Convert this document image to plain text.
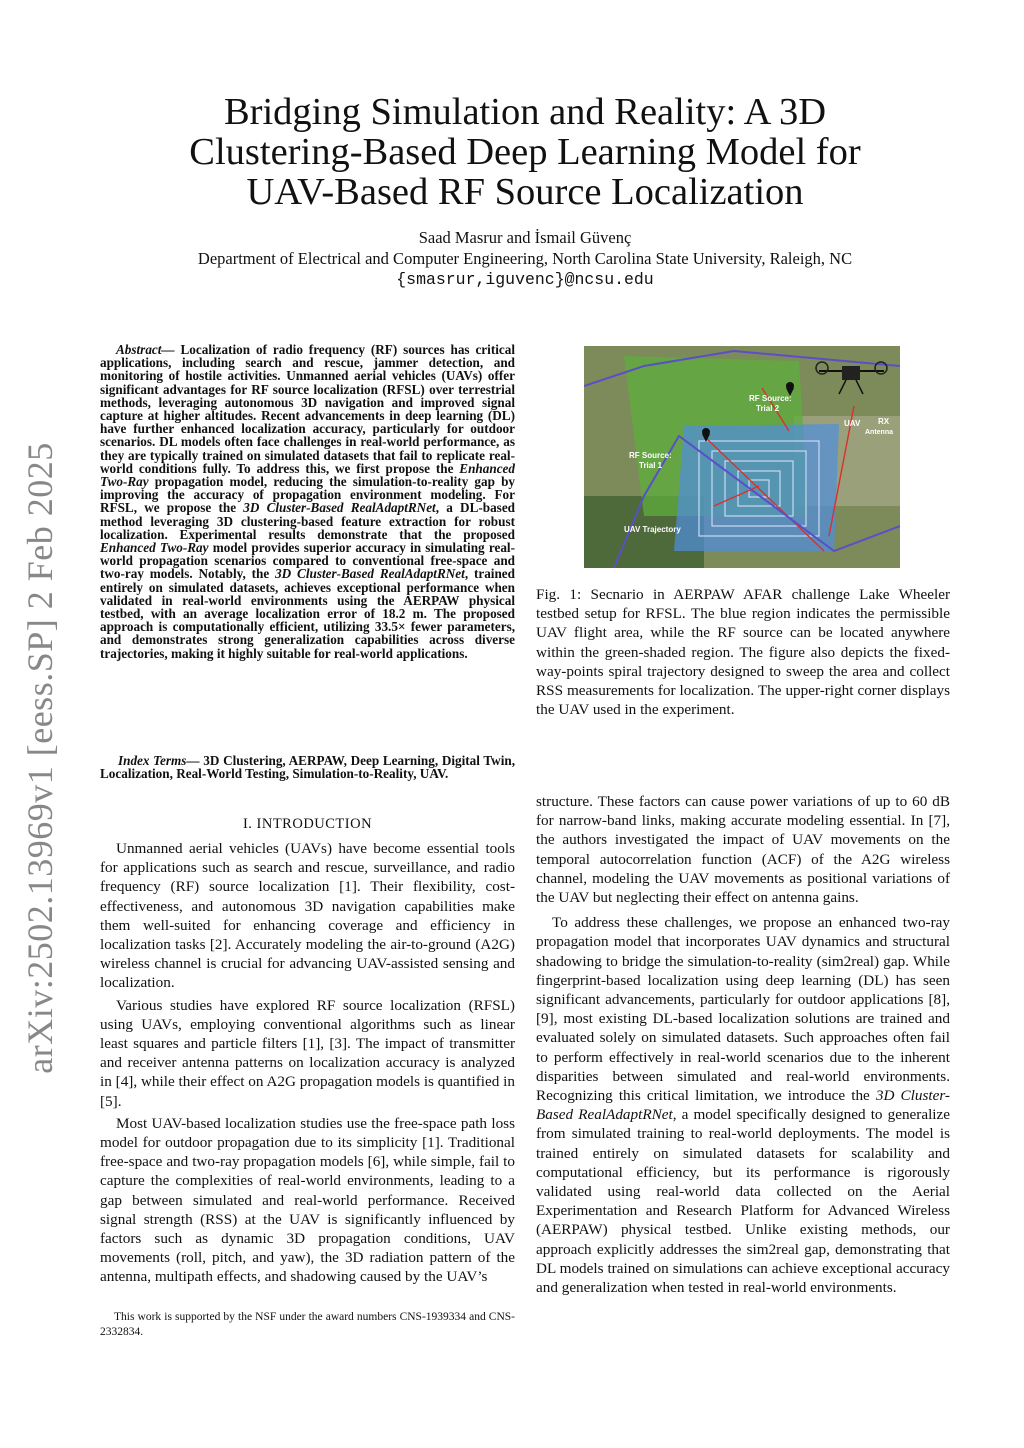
arXiv:2502.13969v1 [eess.SP] 2 Feb 2025
Bridging Simulation and Reality: A 3D
Clustering-Based Deep Learning Model for
UAV-Based RF Source Localization
Saad Masrur and İsmail Güvenç
Department of Electrical and Computer Engineering, North Carolina State University, Raleigh, NC
{smasrur,iguvenc}@ncsu.edu

Abstract— Localization of radio frequency (RF) sources has critical applications, including search and rescue, jammer detection, and monitoring of hostile activities. Unmanned aerial vehicles (UAVs) offer significant advantages for RF source localization (RFSL) over terrestrial methods, leveraging autonomous 3D navigation and improved signal capture at higher altitudes. Recent advancements in deep learning (DL) have further enhanced localization accuracy, particularly for outdoor scenarios. DL models often face challenges in real-world performance, as they are typically trained on simulated datasets that fail to replicate real-world conditions fully. To address this, we first propose the Enhanced Two-Ray propagation model, reducing the simulation-to-reality gap by improving the accuracy of propagation environment modeling. For RFSL, we propose the 3D Cluster-Based RealAdaptRNet, a DL-based method leveraging 3D clustering-based feature extraction for robust localization. Experimental results demonstrate that the proposed Enhanced Two-Ray model provides superior accuracy in simulating real-world propagation scenarios compared to conventional free-space and two-ray models. Notably, the 3D Cluster-Based RealAdaptRNet, trained entirely on simulated datasets, achieves exceptional performance when validated in real-world environments using the AERPAW physical testbed, with an average localization error of 18.2 m. The proposed approach is computationally efficient, utilizing 33.5× fewer parameters, and demonstrates strong generalization capabilities across diverse trajectories, making it highly suitable for real-world applications.

Index Terms— 3D Clustering, AERPAW, Deep Learning, Digital Twin, Localization, Real-World Testing, Simulation-to-Reality, UAV.
I. INTRODUCTION

Unmanned aerial vehicles (UAVs) have become essential tools for applications such as search and rescue, surveillance, and radio frequency (RF) source localization [1]. Their flexibility, cost-effectiveness, and autonomous 3D navigation capabilities make them well-suited for enhancing coverage and efficiency in localization tasks [2]. Accurately modeling the air-to-ground (A2G) wireless channel is crucial for advancing UAV-assisted sensing and localization.

Various studies have explored RF source localization (RFSL) using UAVs, employing conventional algorithms such as linear least squares and particle filters [1], [3]. The impact of transmitter and receiver antenna patterns on localization accuracy is analyzed in [4], while their effect on A2G propagation models is quantified in [5].

Most UAV-based localization studies use the free-space path loss model for outdoor propagation due to its simplicity [1]. Traditional free-space and two-ray propagation models [6], while simple, fail to capture the complexities of real-world environments, leading to a gap between simulated and real-world performance. Received signal strength (RSS) at the UAV is significantly influenced by factors such as dynamic 3D propagation conditions, UAV movements (roll, pitch, and yaw), the 3D radiation pattern of the antenna, multipath effects, and shadowing caused by the UAV’s

This work is supported by the NSF under the award numbers CNS-1939334 and CNS-2332834.
RF Source:
Trial 2
RF Source:
Trial 1
UAV RX
Antenna
UAV Trajectory

Fig. 1: Secnario in AERPAW AFAR challenge Lake Wheeler testbed setup for RFSL. The blue region indicates the permissible UAV flight area, while the RF source can be located anywhere within the green-shaded region. The figure also depicts the fixed-way-points spiral trajectory designed to sweep the area and collect RSS measurements for localization. The upper-right corner displays the UAV used in the experiment.

structure. These factors can cause power variations of up to 60 dB for narrow-band links, making accurate modeling essential. In [7], the authors investigated the impact of UAV movements on the temporal autocorrelation function (ACF) of the A2G wireless channel, modeling the UAV movements as positional variations of the UAV but neglecting their effect on antenna gains.

To address these challenges, we propose an enhanced two-ray propagation model that incorporates UAV dynamics and structural shadowing to bridge the simulation-to-reality (sim2real) gap. While fingerprint-based localization using deep learning (DL) has seen significant advancements, particularly for outdoor applications [8], [9], most existing DL-based localization solutions are trained and evaluated solely on simulated datasets. Such approaches often fail to perform effectively in real-world scenarios due to the inherent disparities between simulated and real-world environments. Recognizing this critical limitation, we introduce the 3D Cluster-Based RealAdaptRNet, a model specifically designed to generalize from simulated training to real-world deployments. The model is trained entirely on simulated datasets for scalability and computational efficiency, but its performance is rigorously validated using real-world data collected on the Aerial Experimentation and Research Platform for Advanced Wireless (AERPAW) physical testbed. Unlike existing methods, our approach explicitly addresses the sim2real gap, demonstrating that DL models trained on simulations can achieve exceptional accuracy and generalization when tested in real-world environments.
